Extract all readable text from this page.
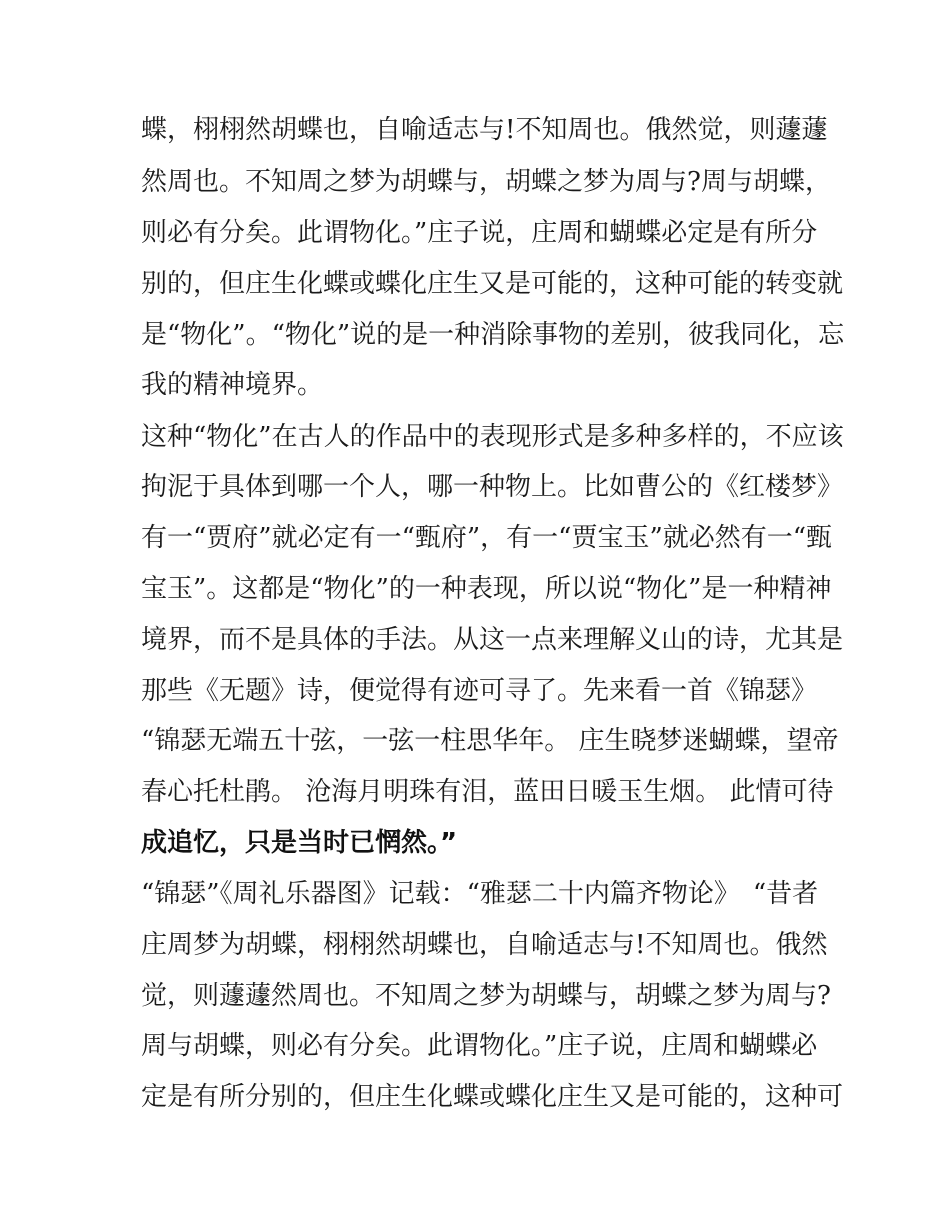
蝶，栩栩然胡蝶也，自喻适志与!不知周也。俄然觉，则蘧蘧
然周也。不知周之梦为胡蝶与，胡蝶之梦为周与?周与胡蝶，
则必有分矣。此谓物化。”庄子说，庄周和蝴蝶必定是有所分
别的，但庄生化蝶或蝶化庄生又是可能的，这种可能的转变就
是“物化”。“物化”说的是一种消除事物的差别，彼我同化，忘
我的精神境界。
这种“物化”在古人的作品中的表现形式是多种多样的，不应该
拘泥于具体到哪一个人，哪一种物上。比如曹公的《红楼梦》
有一“贾府”就必定有一“甄府”，有一“贾宝玉”就必然有一“甄
宝玉”。这都是“物化”的一种表现，所以说“物化”是一种精神
境界，而不是具体的手法。从这一点来理解义山的诗，尤其是
那些《无题》诗，便觉得有迹可寻了。先来看一首《锦瑟》
“锦瑟无端五十弦，一弦一柱思华年。 庄生晓梦迷蝴蝶，望帝
春心托杜鹃。 沧海月明珠有泪，蓝田日暖玉生烟。 此情可待
成追忆，只是当时已惘然。”
“锦瑟”《周礼乐器图》记载：“雅瑟二十内篇齐物论》　“昔者
庄周梦为胡蝶，栩栩然胡蝶也，自喻适志与!不知周也。俄然
觉，则蘧蘧然周也。不知周之梦为胡蝶与，胡蝶之梦为周与?
周与胡蝶，则必有分矣。此谓物化。”庄子说，庄周和蝴蝶必
定是有所分别的，但庄生化蝶或蝶化庄生又是可能的，这种可
